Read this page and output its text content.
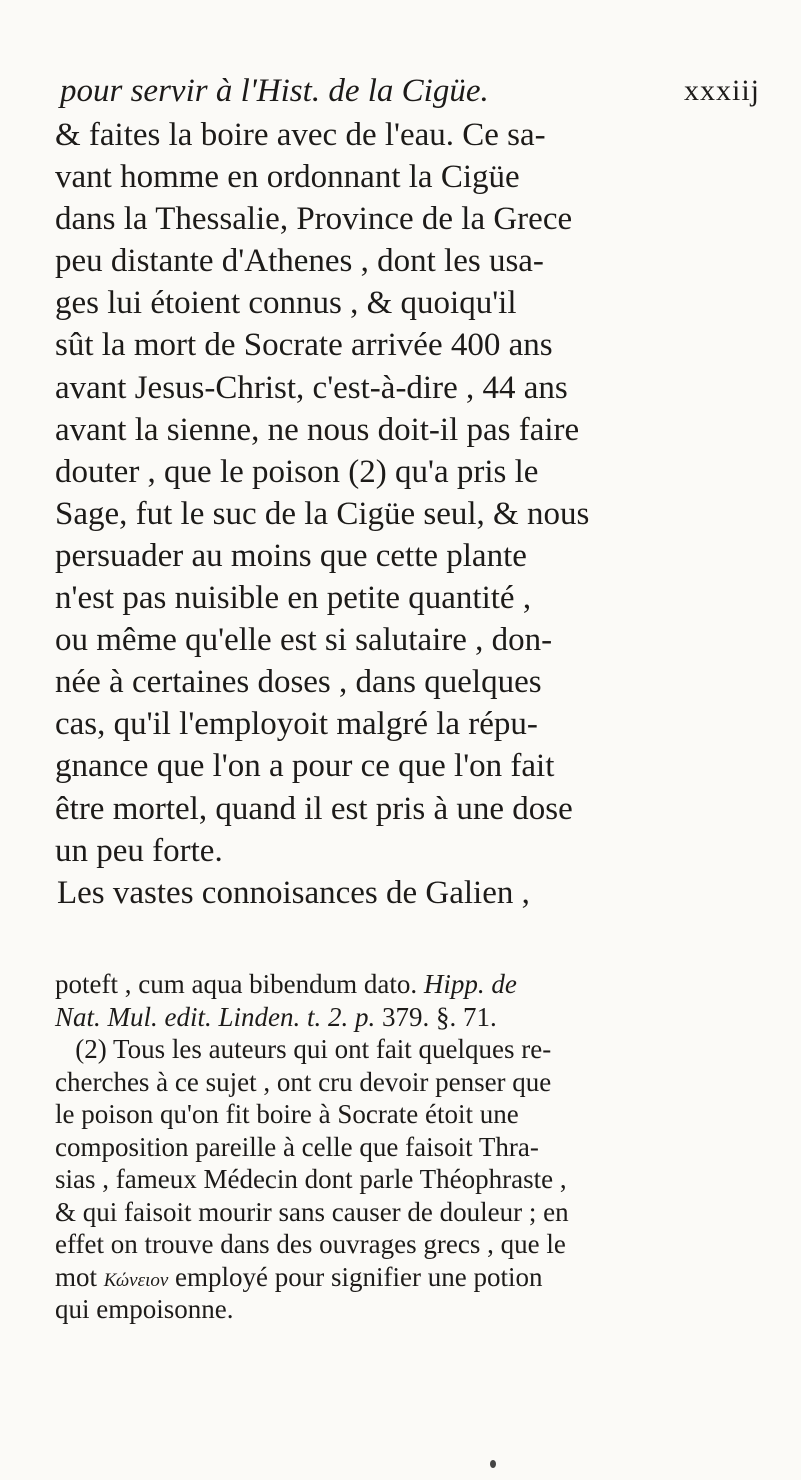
pour servir à l'Hist. de la Cigüe.	xxxiij
& faites la boire avec de l'eau. Ce sa-
vant homme en ordonnant la Cigüe
dans la Thessalie, Province de la Grece
peu distante d'Athenes , dont les usa-
ges lui étoient connus , & quoiqu'il
sût la mort de Socrate arrivée 400 ans
avant Jesus-Christ, c'est-à-dire , 44 ans
avant la sienne, ne nous doit-il pas faire
douter , que le poison (2) qu'a pris le
Sage, fut le suc de la Cigüe seul, & nous
persuader au moins que cette plante
n'est pas nuisible en petite quantité ,
ou même qu'elle est si salutaire , don-
née à certaines doses , dans quelques
cas, qu'il l'employoit malgré la répu-
gnance que l'on a pour ce que l'on fait
être mortel, quand il est pris à une dose
un peu forte.
Les vastes connoisances de Galien ,
poteft , cum aqua bibendum dato. Hipp. de
Nat. Mul. edit. Linden. t. 2. p. 379. §. 71.
(2) Tous les auteurs qui ont fait quelques re-
cherches à ce sujet , ont cru devoir penser que
le poison qu'on fit boire à Socrate étoit une
composition pareille à celle que faisoit Thra-
sias , fameux Médecin dont parle Théophraste ,
& qui faisoit mourir sans causer de douleur ; en
effet on trouve dans des ouvrages grecs , que le
mot Κώνειον employé pour signifier une potion
qui empoisonne.
